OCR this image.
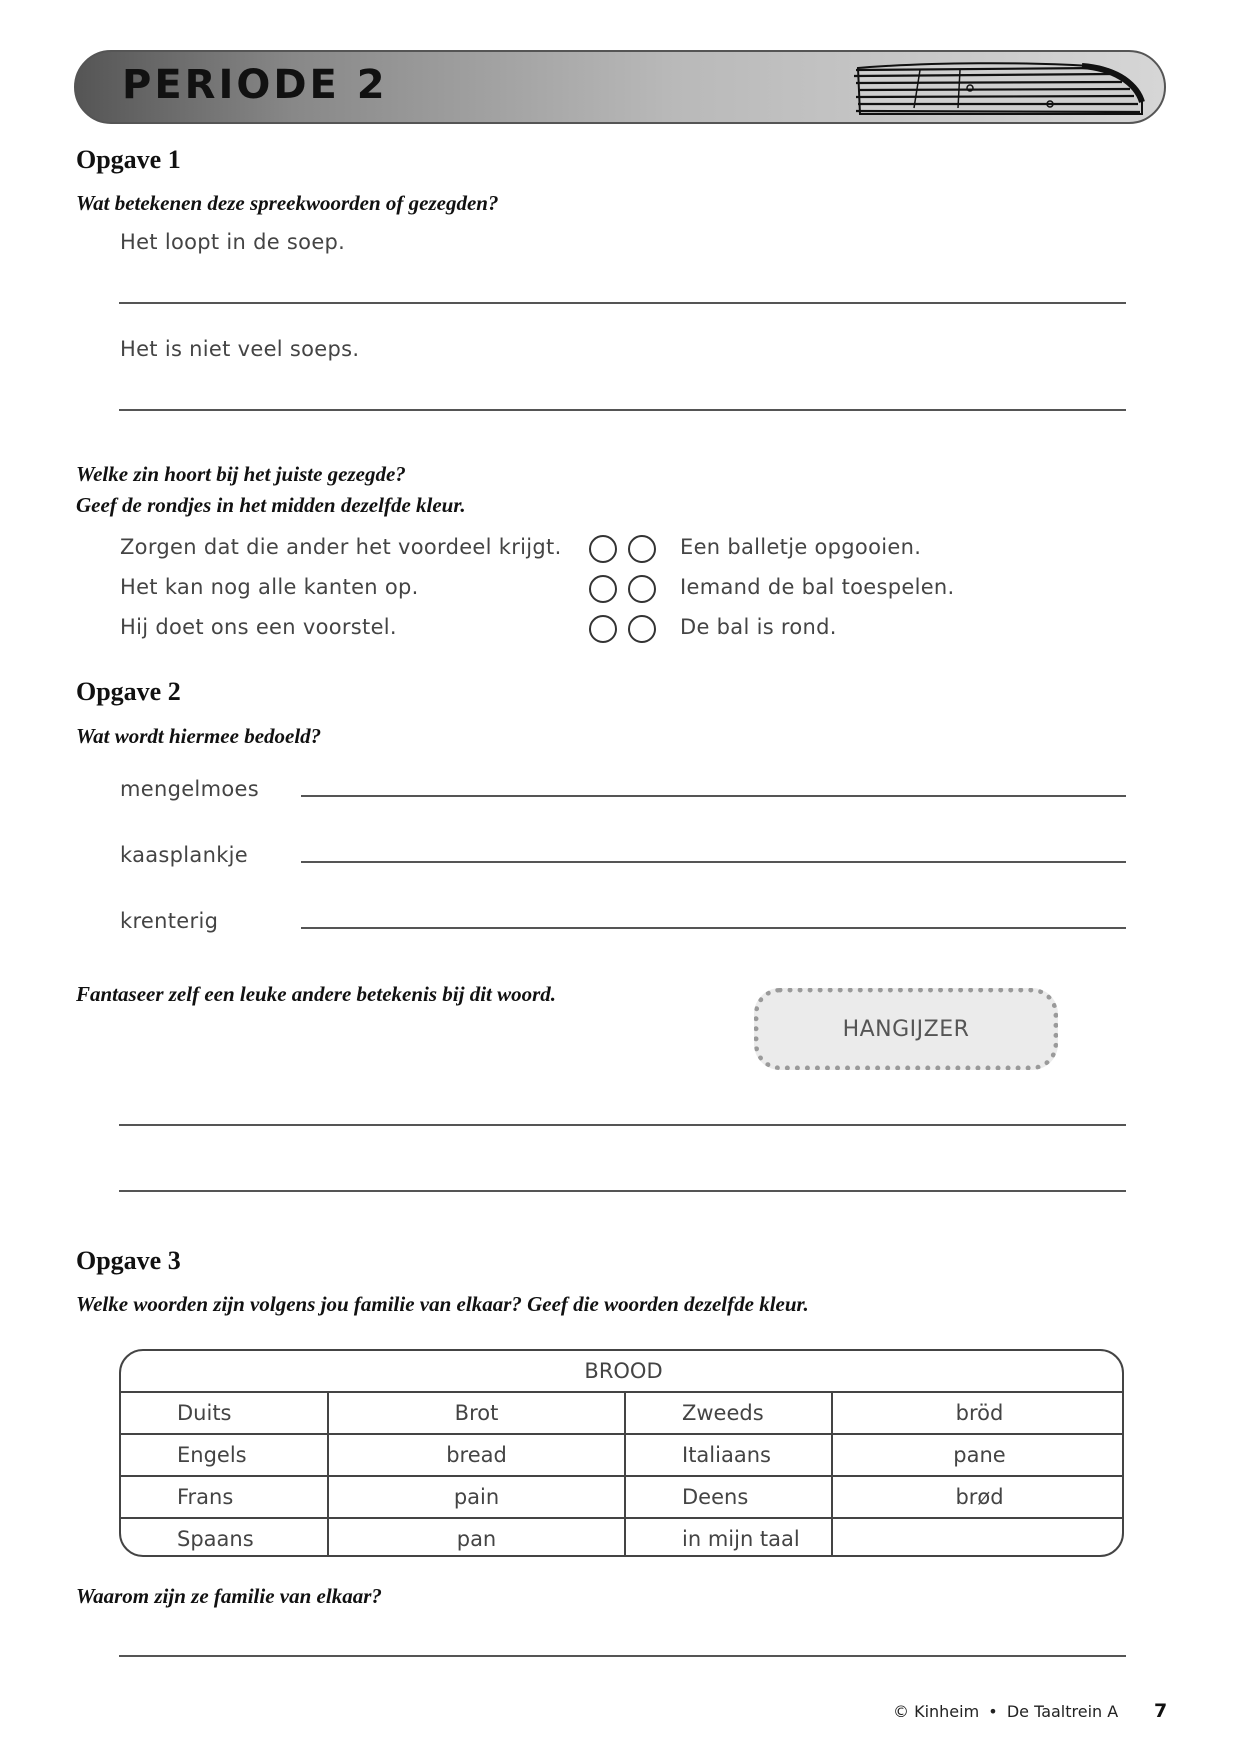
PERIODE 2
Opgave 1
Wat betekenen deze spreekwoorden of gezegden?
Het loopt in de soep.
Het is niet veel soeps.
Welke zin hoort bij het juiste gezegde?
Geef de rondjes in het midden dezelfde kleur.
Zorgen dat die ander het voordeel krijgt.	Een balletje opgooien.
Het kan nog alle kanten op.	Iemand de bal toespelen.
Hij doet ons een voorstel.	De bal is rond.
Opgave 2
Wat wordt hiermee bedoeld?
mengelmoes
kaasplankje
krenterig
Fantaseer zelf een leuke andere betekenis bij dit woord.
HANGIJZER
Opgave 3
Welke woorden zijn volgens jou familie van elkaar? Geef die woorden dezelfde kleur.
BROOD			
Duits	Brot	Zweeds	bröd
Engels	bread	Italiaans	pane
Frans	pain	Deens	brød
Spaans	pan	in mijn taal	
Waarom zijn ze familie van elkaar?
© Kinheim • De Taaltrein A 7
